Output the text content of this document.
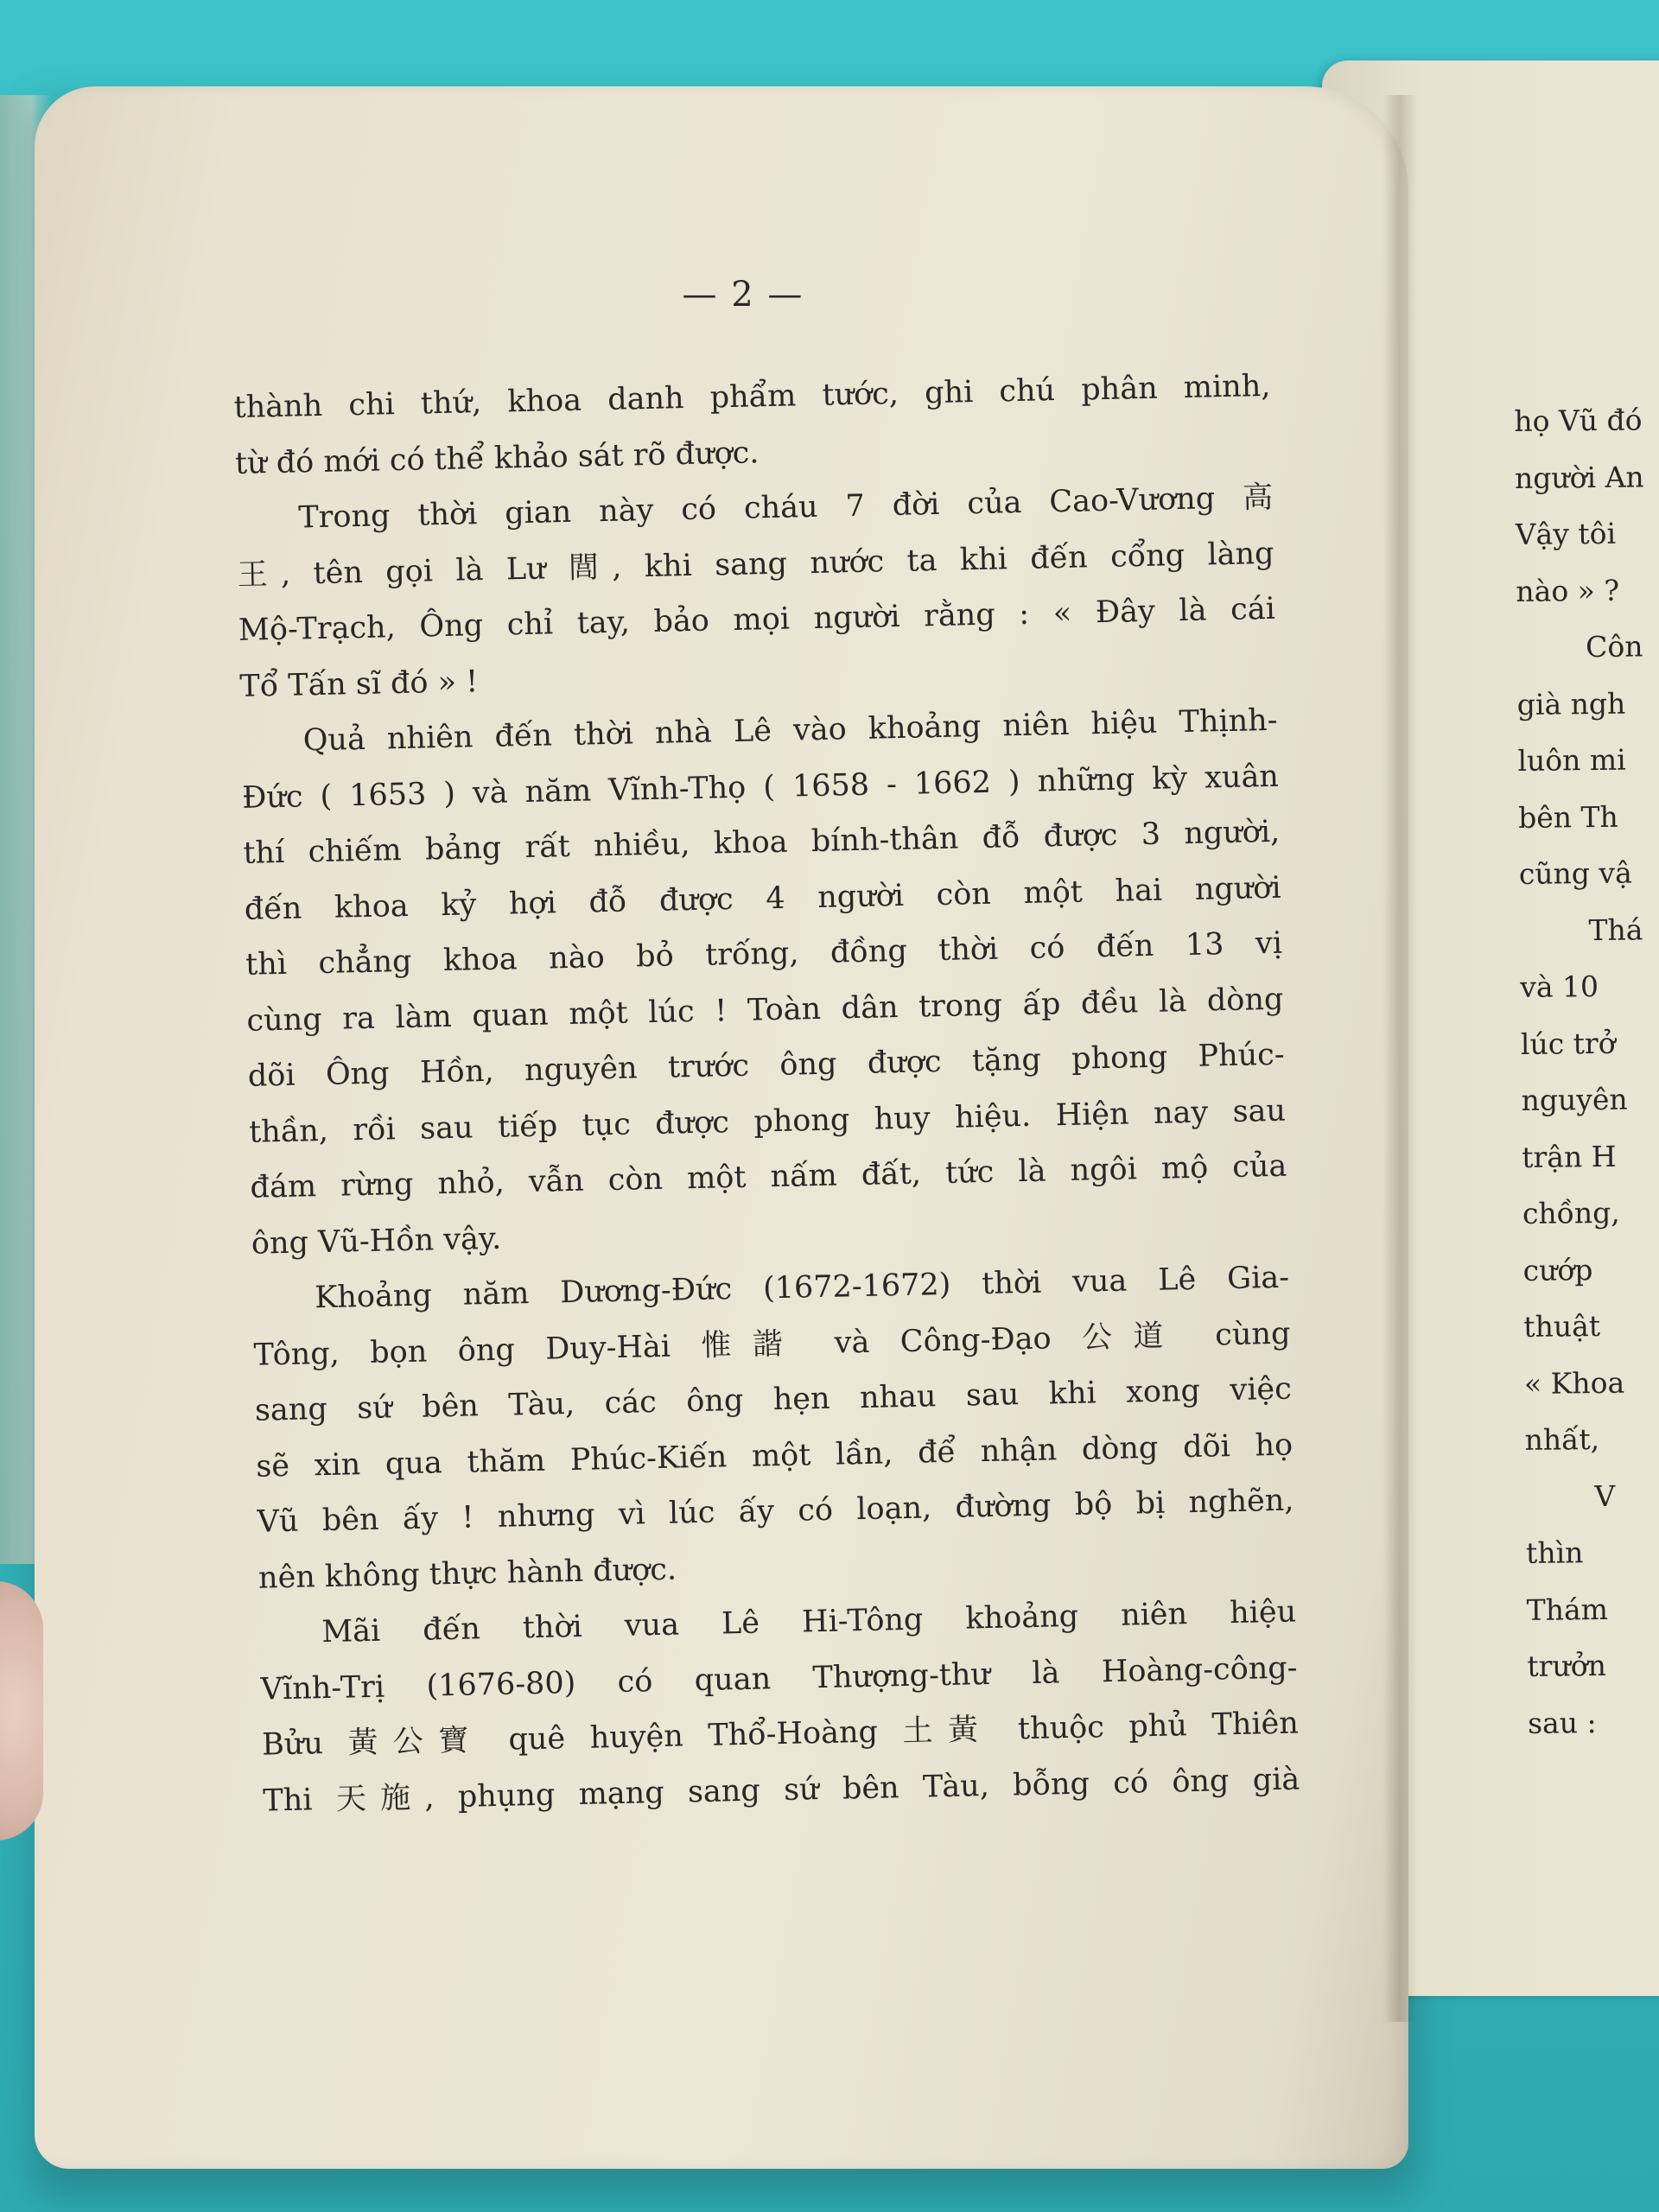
— 2 —
thành chi thứ, khoa danh phẩm tước, ghi chú phân minh,
từ đó mới có thể khảo sát rõ được.
Trong thời gian này có cháu 7 đời của Cao-Vương 高
王, tên gọi là Lư 閭, khi sang nước ta khi đến cổng làng
Mộ-Trạch, Ông chỉ tay, bảo mọi người rằng : « Đây là cái
Tổ Tấn sĩ đó » !
Quả nhiên đến thời nhà Lê vào khoảng niên hiệu Thịnh-
Đức ( 1653 ) và năm Vĩnh-Thọ ( 1658 - 1662 ) những kỳ xuân
thí chiếm bảng rất nhiều, khoa bính-thân đỗ được 3 người,
đến khoa kỷ hợi đỗ được 4 người còn một hai người
thì chẳng khoa nào bỏ trống, đồng thời có đến 13 vị
cùng ra làm quan một lúc ! Toàn dân trong ấp đều là dòng
dõi Ông Hồn, nguyên trước ông được tặng phong Phúc-
thần, rồi sau tiếp tục được phong huy hiệu. Hiện nay sau
đám rừng nhỏ, vẫn còn một nấm đất, tức là ngôi mộ của
ông Vũ-Hồn vậy.
Khoảng năm Dương-Đức (1672-1672) thời vua Lê Gia-
Tông, bọn ông Duy-Hài 惟諧 và Công-Đạo 公道 cùng
sang sứ bên Tàu, các ông hẹn nhau sau khi xong việc
sẽ xin qua thăm Phúc-Kiến một lần, để nhận dòng dõi họ
Vũ bên ấy ! nhưng vì lúc ấy có loạn, đường bộ bị nghẽn,
nên không thực hành được.
Mãi đến thời vua Lê Hi-Tông khoảng niên hiệu
Vĩnh-Trị (1676-80) có quan Thượng-thư là Hoàng-công-
Bửu 黃公寶 quê huyện Thổ-Hoàng 土黃 thuộc phủ Thiên
Thi 天施, phụng mạng sang sứ bên Tàu, bỗng có ông già
họ Vũ đó
người An
Vậy tôi
nào » ?
Côn
già ngh
luôn mi
bên Th
cũng vậ
Thá
và 10
lúc trở
nguyên
trận H
chồng,
cướp
thuật
« Khoa
nhất,
V
thìn
Thám
trưởn
sau :
